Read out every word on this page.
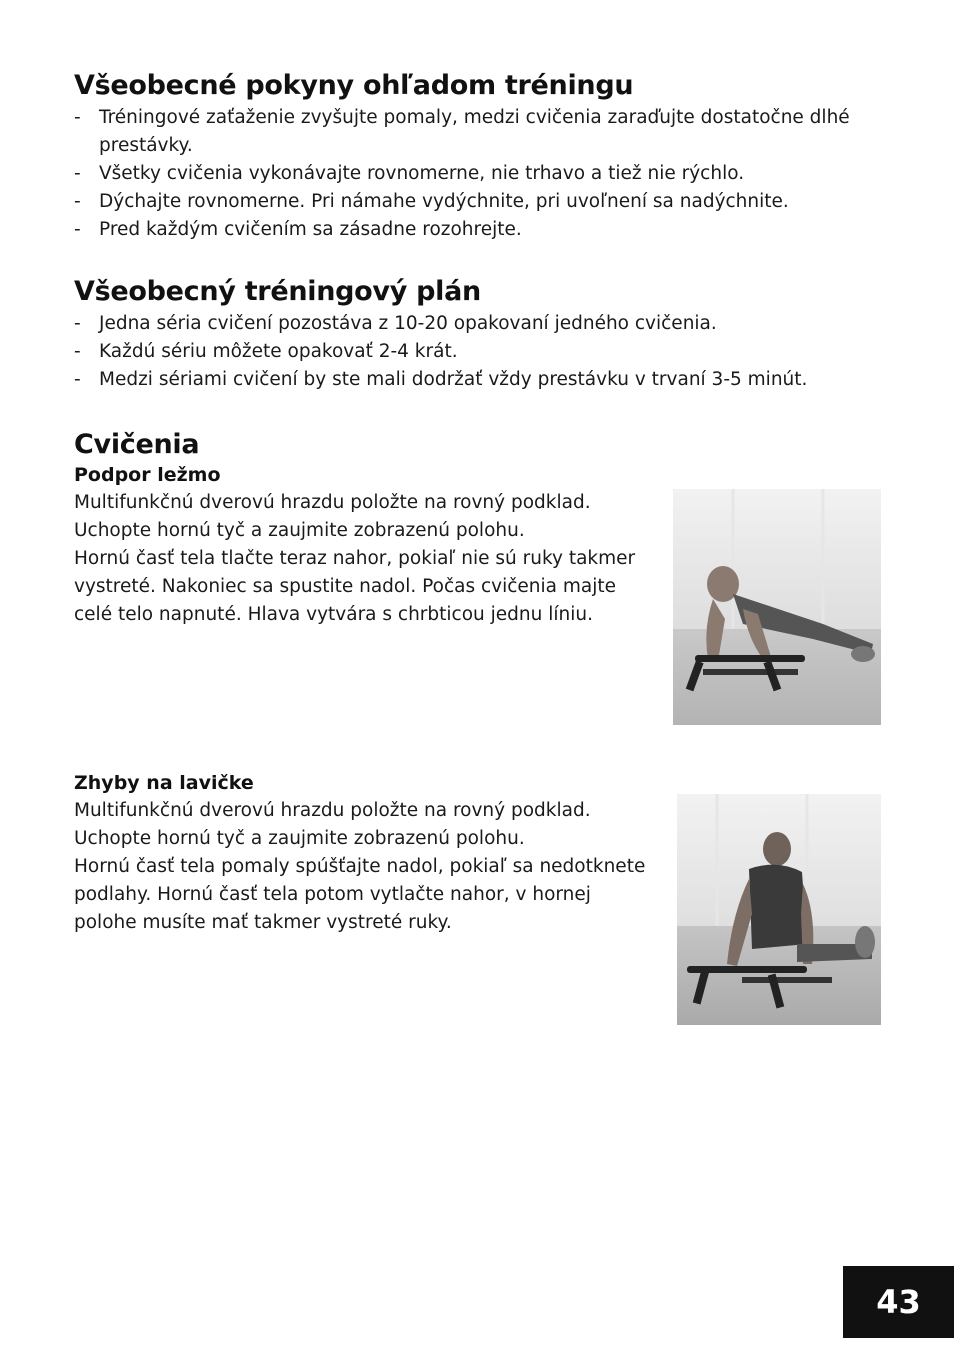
Všeobecné pokyny ohľadom tréningu
- Tréningové zaťaženie zvyšujte pomaly, medzi cvičenia zaraďujte dostatočne dlhé prestávky.
- Všetky cvičenia vykonávajte rovnomerne, nie trhavo a tiež nie rýchlo.
- Dýchajte rovnomerne. Pri námahe vydýchnite, pri uvoľnení sa nadýchnite.
- Pred každým cvičením sa zásadne rozohrejte.
Všeobecný tréningový plán
- Jedna séria cvičení pozostáva z 10-20 opakovaní jedného cvičenia.
- Každú sériu môžete opakovať 2-4 krát.
- Medzi sériami cvičení by ste mali dodržať vždy prestávku v trvaní 3-5 minút.
Cvičenia
Podpor ležmo

Multifunkčnú dverovú hrazdu položte na rovný podklad.

Uchopte hornú tyč a zaujmite zobrazenú polohu.

Hornú časť tela tlačte teraz nahor, pokiaľ nie sú ruky takmer vystreté. Nakoniec sa spustite nadol. Počas cvičenia majte celé telo napnuté. Hlava vytvára s chrbticou jednu líniu.

Zhyby na lavičke

Multifunkčnú dverovú hrazdu položte na rovný podklad.

Uchopte hornú tyč a zaujmite zobrazenú polohu.

Hornú časť tela pomaly spúšťajte nadol, pokiaľ sa nedotknete podlahy. Hornú časť tela potom vytlačte nahor, v hornej polohe musíte mať takmer vystreté ruky.

43
